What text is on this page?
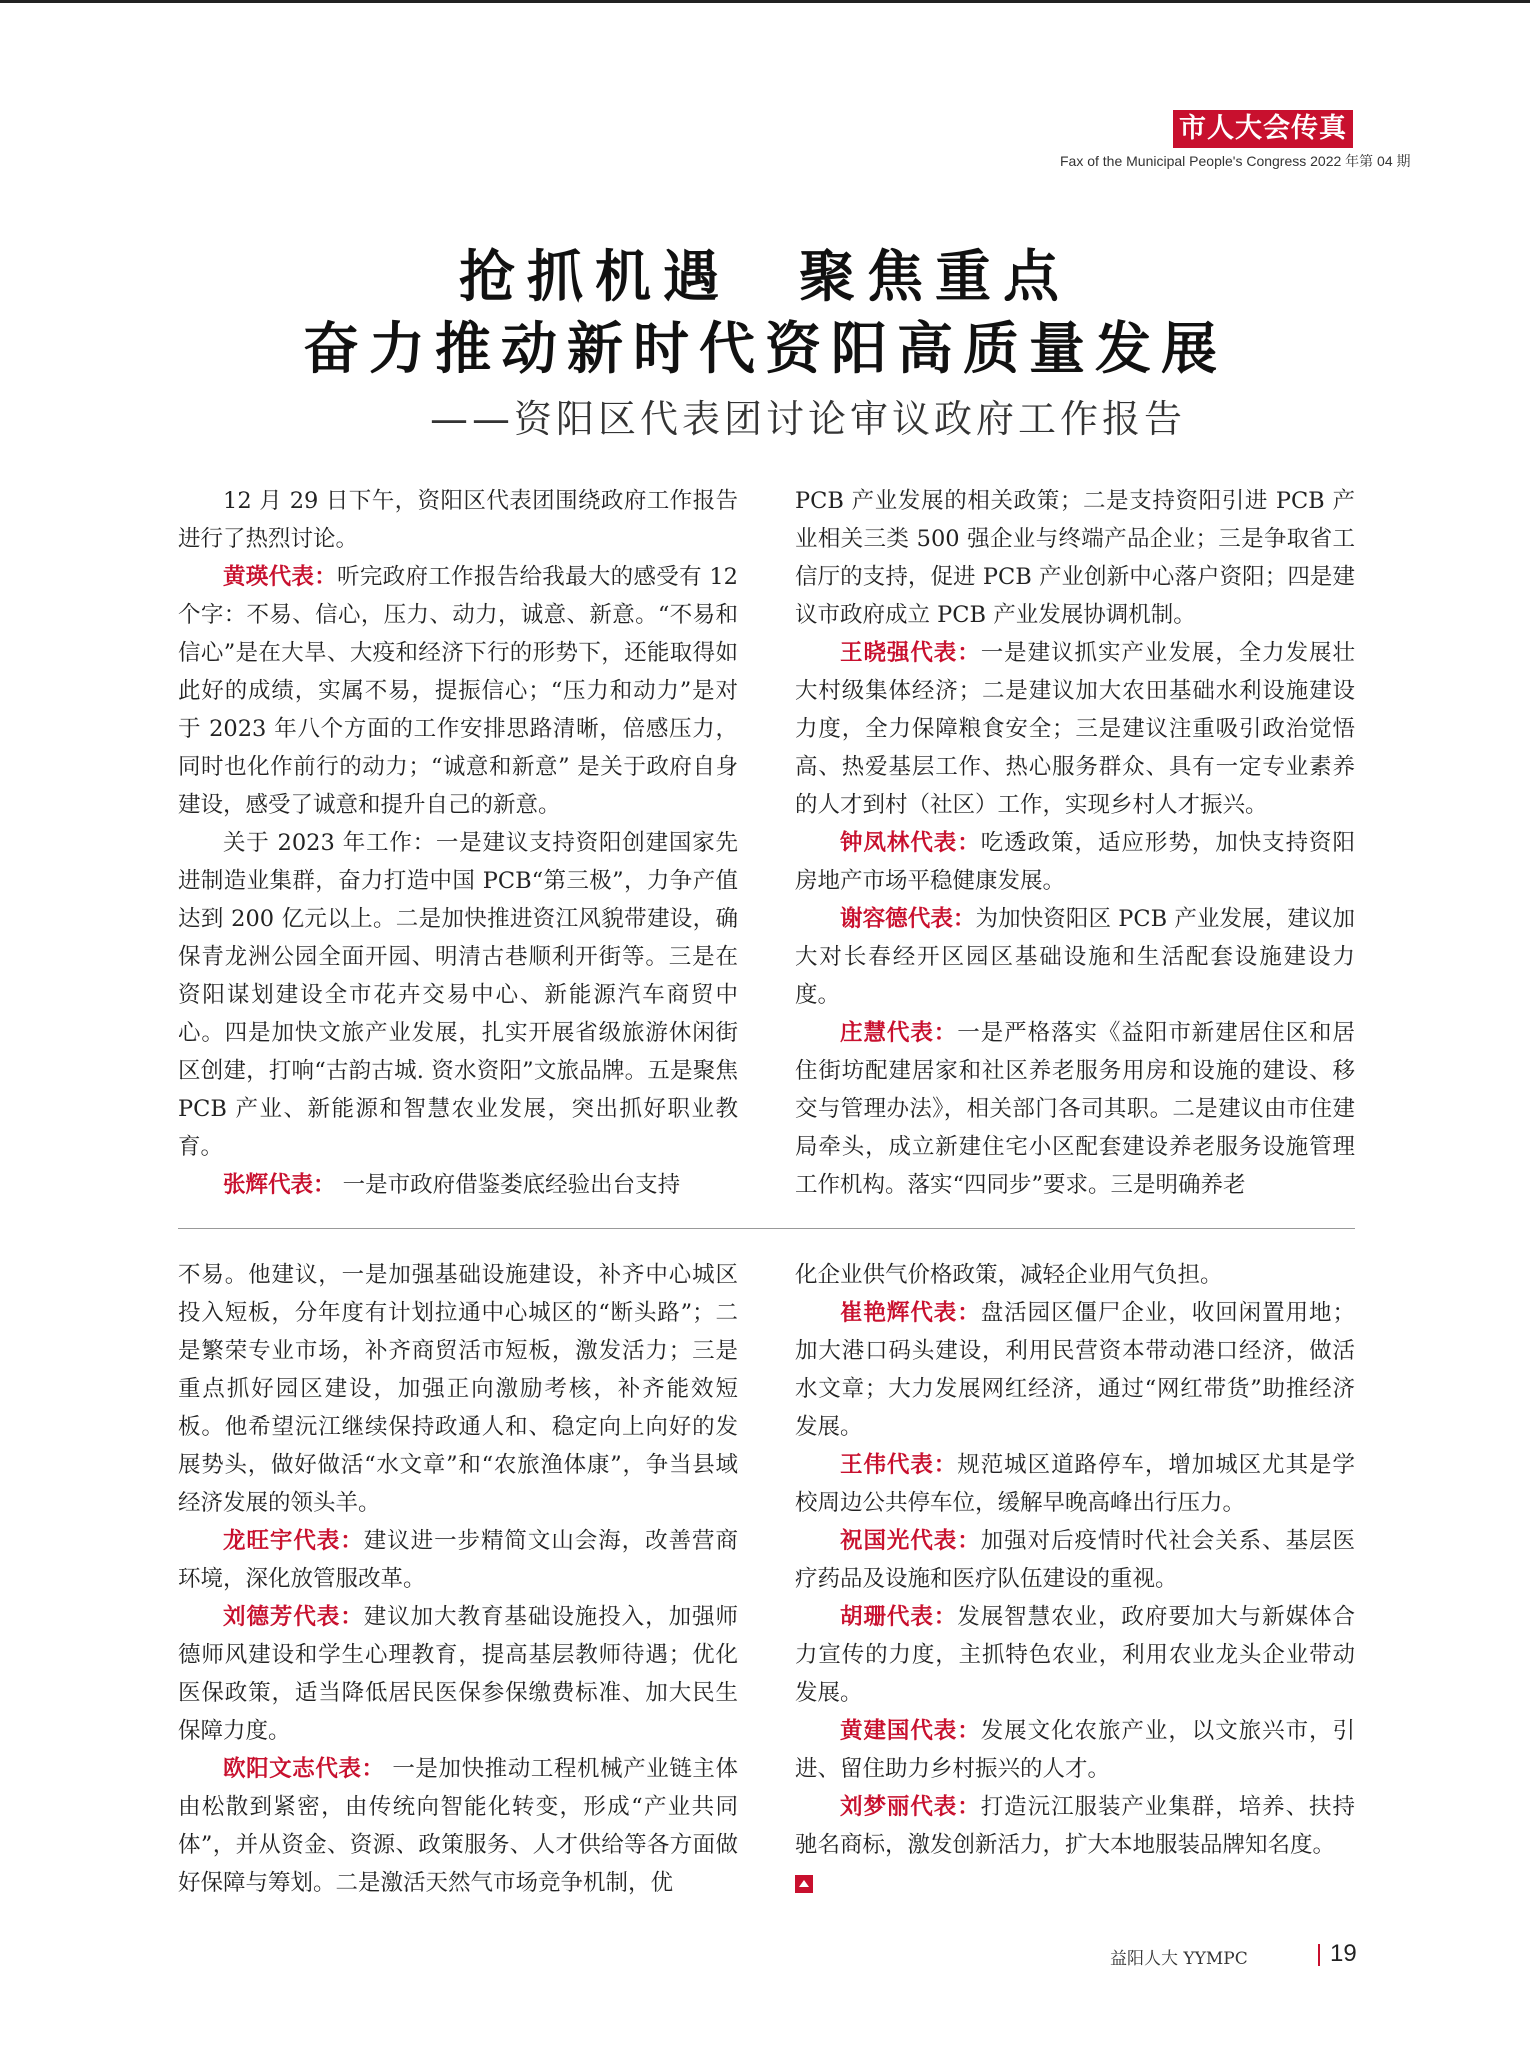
市人大会传真
Fax of the Municipal People's Congress 2022 年第 04 期
抢抓机遇　聚焦重点
奋力推动新时代资阳高质量发展
——资阳区代表团讨论审议政府工作报告

12 月 29 日下午，资阳区代表团围绕政府工作报告进行了热烈讨论。

黄瑛代表：听完政府工作报告给我最大的感受有 12 个字：不易、信心，压力、动力，诚意、新意。“不易和信心”是在大旱、大疫和经济下行的形势下，还能取得如此好的成绩，实属不易，提振信心；“压力和动力”是对于 2023 年八个方面的工作安排思路清晰，倍感压力，同时也化作前行的动力；“诚意和新意” 是关于政府自身建设，感受了诚意和提升自己的新意。

关于 2023 年工作：一是建议支持资阳创建国家先进制造业集群，奋力打造中国 PCB“第三极”，力争产值达到 200 亿元以上。二是加快推进资江风貌带建设，确保青龙洲公园全面开园、明清古巷顺利开街等。三是在资阳谋划建设全市花卉交易中心、新能源汽车商贸中心。四是加快文旅产业发展，扎实开展省级旅游休闲街区创建，打响“古韵古城. 资水资阳”文旅品牌。五是聚焦 PCB 产业、新能源和智慧农业发展，突出抓好职业教育。

张辉代表： 一是市政府借鉴娄底经验出台支持

PCB 产业发展的相关政策；二是支持资阳引进 PCB 产业相关三类 500 强企业与终端产品企业；三是争取省工信厅的支持，促进 PCB 产业创新中心落户资阳；四是建议市政府成立 PCB 产业发展协调机制。

王晓强代表：一是建议抓实产业发展，全力发展壮大村级集体经济；二是建议加大农田基础水利设施建设力度，全力保障粮食安全；三是建议注重吸引政治觉悟高、热爱基层工作、热心服务群众、具有一定专业素养的人才到村（社区）工作，实现乡村人才振兴。

钟凤林代表：吃透政策，适应形势，加快支持资阳房地产市场平稳健康发展。

谢容德代表：为加快资阳区 PCB 产业发展，建议加大对长春经开区园区基础设施和生活配套设施建设力度。

庄慧代表：一是严格落实《益阳市新建居住区和居住街坊配建居家和社区养老服务用房和设施的建设、移交与管理办法》，相关部门各司其职。二是建议由市住建局牵头，成立新建住宅小区配套建设养老服务设施管理工作机构。落实“四同步”要求。三是明确养老

不易。他建议，一是加强基础设施建设，补齐中心城区投入短板，分年度有计划拉通中心城区的“断头路”；二是繁荣专业市场，补齐商贸活市短板，激发活力；三是重点抓好园区建设，加强正向激励考核，补齐能效短板。他希望沅江继续保持政通人和、稳定向上向好的发展势头，做好做活“水文章”和“农旅渔体康”，争当县域经济发展的领头羊。

龙旺宇代表：建议进一步精简文山会海，改善营商环境，深化放管服改革。

刘德芳代表：建议加大教育基础设施投入，加强师德师风建设和学生心理教育，提高基层教师待遇；优化医保政策，适当降低居民医保参保缴费标准、加大民生保障力度。

欧阳文志代表： 一是加快推动工程机械产业链主体由松散到紧密，由传统向智能化转变，形成“产业共同体”，并从资金、资源、政策服务、人才供给等各方面做好保障与筹划。二是激活天然气市场竞争机制，优

化企业供气价格政策，减轻企业用气负担。

崔艳辉代表：盘活园区僵尸企业，收回闲置用地；加大港口码头建设，利用民营资本带动港口经济，做活水文章；大力发展网红经济，通过“网红带货”助推经济发展。

王伟代表：规范城区道路停车，增加城区尤其是学校周边公共停车位，缓解早晚高峰出行压力。

祝国光代表：加强对后疫情时代社会关系、基层医疗药品及设施和医疗队伍建设的重视。

胡珊代表：发展智慧农业，政府要加大与新媒体合力宣传的力度，主抓特色农业，利用农业龙头企业带动发展。

黄建国代表：发展文化农旅产业，以文旅兴市，引进、留住助力乡村振兴的人才。

刘梦丽代表：打造沅江服装产业集群，培养、扶持驰名商标，激发创新活力，扩大本地服装品牌知名度。

益阳人大 YYMPC	19
